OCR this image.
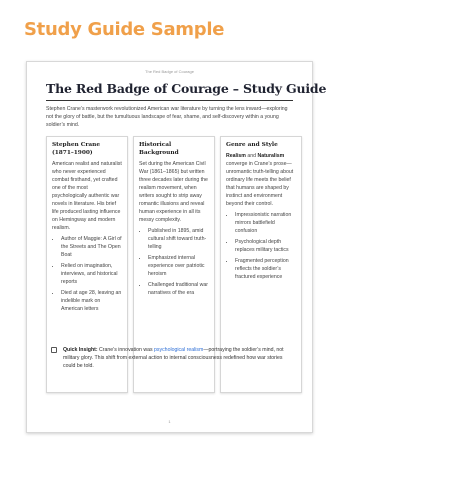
Study Guide Sample
The Red Badge of Courage
The Red Badge of Courage – Study Guide

Stephen Crane’s masterwork revolutionized American war literature by turning the lens inward—exploring not the glory of battle, but the tumultuous landscape of fear, shame, and self-discovery within a young soldier’s mind.

Stephen Crane (1871–1900)

American realist and naturalist who never experienced combat firsthand, yet crafted one of the most psychologically authentic war novels in literature. His brief life produced lasting influence on Hemingway and modern realism.

• Author of Maggie: A Girl of the Streets and The Open Boat
• Relied on imagination, interviews, and historical reports
• Died at age 28, leaving an indelible mark on American letters
Historical Background

Set during the American Civil War (1861–1865) but written three decades later during the realism movement, when writers sought to strip away romantic illusions and reveal human experience in all its messy complexity.

• Published in 1895, amid cultural shift toward truth-telling
• Emphasized internal experience over patriotic heroism
• Challenged traditional war narratives of the era
Genre and Style

Realism and Naturalism converge in Crane’s prose—unromantic truth-telling about ordinary life meets the belief that humans are shaped by instinct and environment beyond their control.

• Impressionistic narration mirrors battlefield confusion
• Psychological depth replaces military tactics
• Fragmented perception reflects the soldier’s fractured experience
Quick Insight: Crane’s innovation was psychological realism—portraying the soldier’s mind, not military glory. This shift from external action to internal consciousness redefined how war stories could be told.
1
